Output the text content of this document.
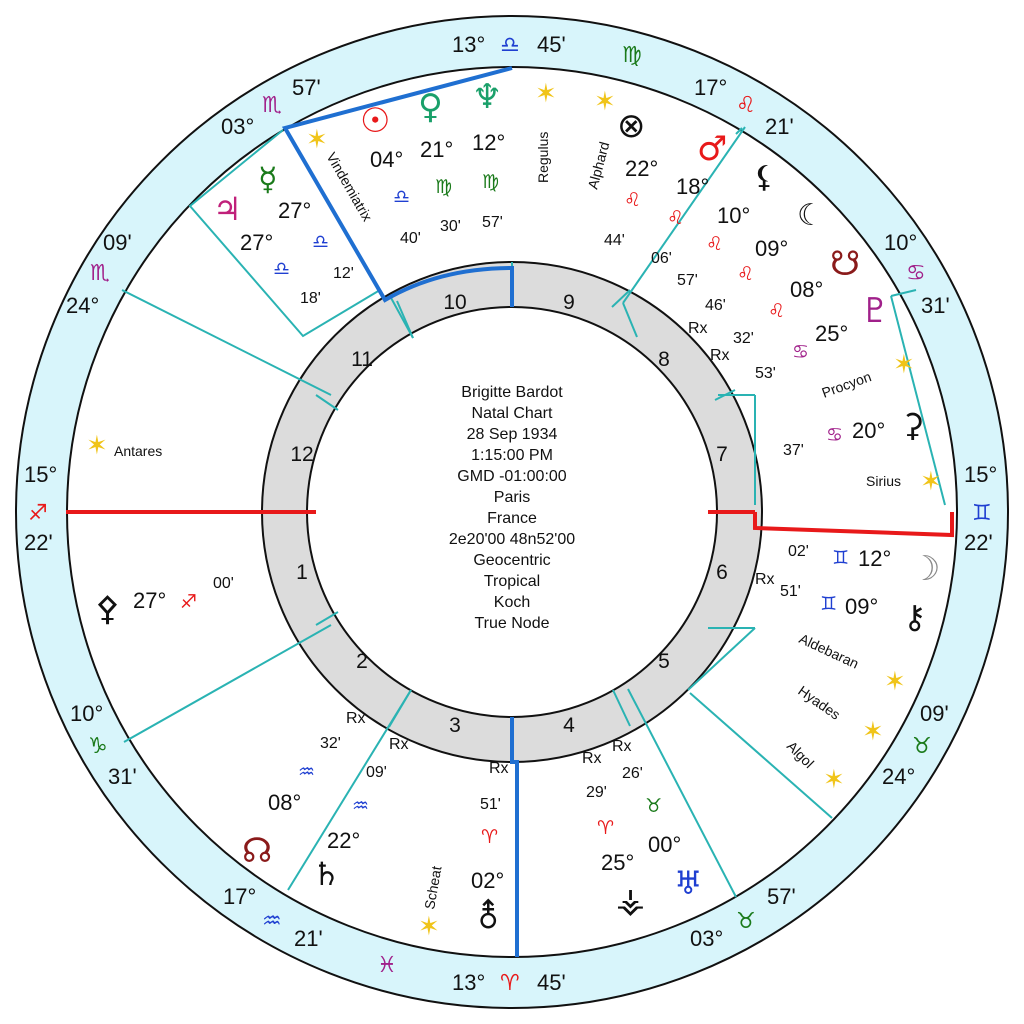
1
2
3	4
5
6
7
8
9
10
11
12
Brigitte Bardot
Natal Chart
28 Sep 1934
1:15:00 PM
GMD -01:00:00
Paris
France
2e20'00 48n52'00
Geocentric
Tropical
Koch
True Node
13° ♎ 45'	♍
13° ♈ 45'
♓
15°
♐
22'
15°
♊
22'
57'
♏
03°
09'
♏
24°
10°
♑
31'
17°
♒
21'	03°
♉
57'
09'
♉
24°
10°
♋
31'
17°
♌
21'
☉
04°
♎
40'
♀
21°
♍
30'
♆
12°
♍
57'
☿
27°
♎
12'
♃
27°
♎
18'
⊗
22°
♌
44'
♂
18°
♌
06'
⚸
10°
♌
57'
☾
09°
♌
46'
☋
08°
♌
32'
Rx	♇
25°
♋
53'
Rx
⚳
20°
♋
37'
☽
12°
♊
02'
⚷
09°
♊
51'
Rx
☊
08°
♒
32'
Rx
♄
22°
♒
09'
Rx
⚨
02°
♈
51'
Rx
♅
00°
♉
26'
Rx
⚶
25°
♈
29'
Rx
⚴ 27° ♐
00'
✶
Vindemiatrix
✶
Regulus
✶
Alphard
✶
Procyon
✶
Sirius
✶ Antares
✶
Aldebaran
✶
Hyades
✶
Algol
✶
Scheat
